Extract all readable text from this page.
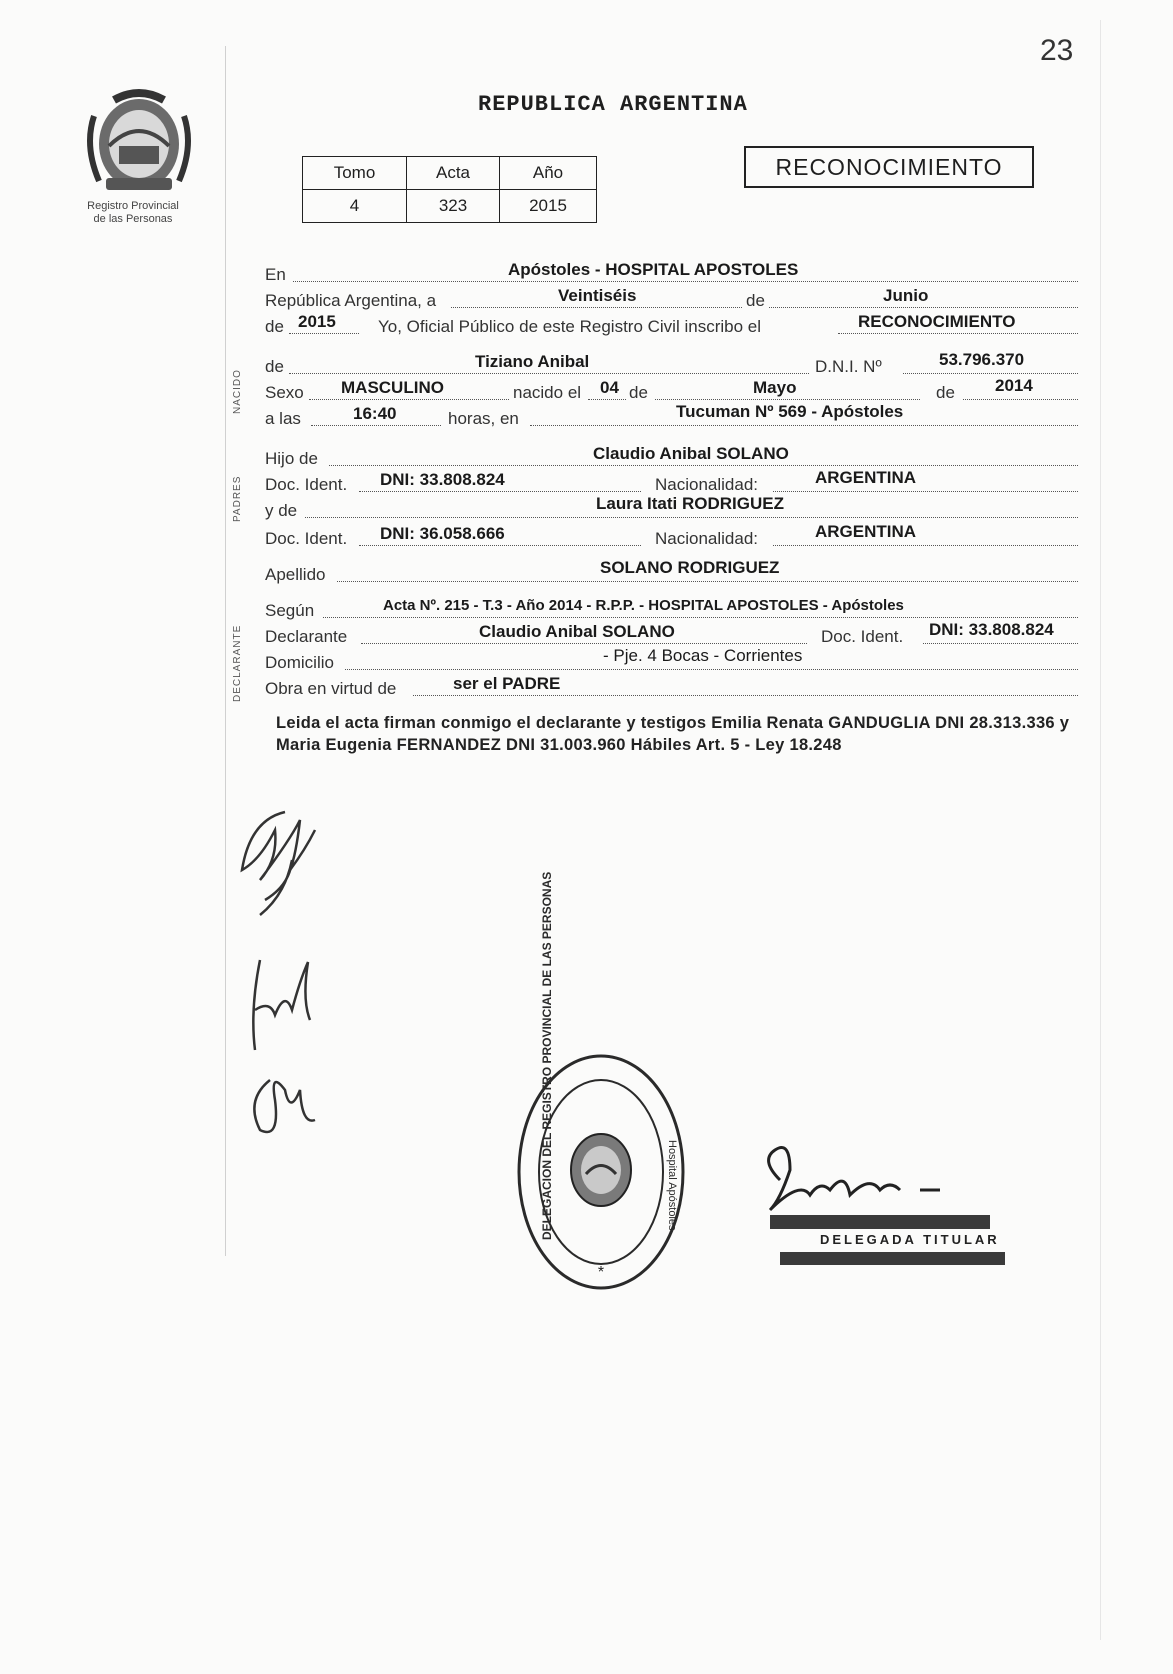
23
Registro Provincial
de las Personas
REPUBLICA ARGENTINA
Tomo	Acta	Año
4	323	2015
RECONOCIMIENTO
En	Apóstoles - HOSPITAL APOSTOLES
República Argentina, a	Veintiséis	de	Junio
de 2015 Yo, Oficial Público de este Registro Civil inscribo el	RECONOCIMIENTO
NACIDO
de	Tiziano Anibal	D.N.I. Nº	53.796.370
Sexo MASCULINO	nacido el 04 de	Mayo	de 2014
a las	16:40	horas, en	Tucuman Nº 569 - Apóstoles
PADRES
Hijo de	Claudio Anibal SOLANO
Doc. Ident. DNI: 33.808.824	Nacionalidad:	ARGENTINA
y de	Laura Itati RODRIGUEZ
Doc. Ident. DNI: 36.058.666	Nacionalidad:	ARGENTINA
Apellido	SOLANO RODRIGUEZ
DECLARANTE
Según	Acta Nº. 215 - T.3 - Año 2014 - R.P.P. - HOSPITAL APOSTOLES - Apóstoles
Declarante	Claudio Anibal SOLANO	Doc. Ident. DNI: 33.808.824
Domicilio	- Pje. 4 Bocas - Corrientes
Obra en virtud de	ser el PADRE
Leida el acta firman conmigo el declarante y testigos Emilia Renata GANDUGLIA DNI 28.313.336 y Maria Eugenia FERNANDEZ DNI 31.003.960 Hábiles Art. 5 - Ley 18.248
*
DELEGACION DEL REGISTRO PROVINCIAL DE LAS PERSONAS	Hospital Apóstoles
DELEGADA TITULAR
